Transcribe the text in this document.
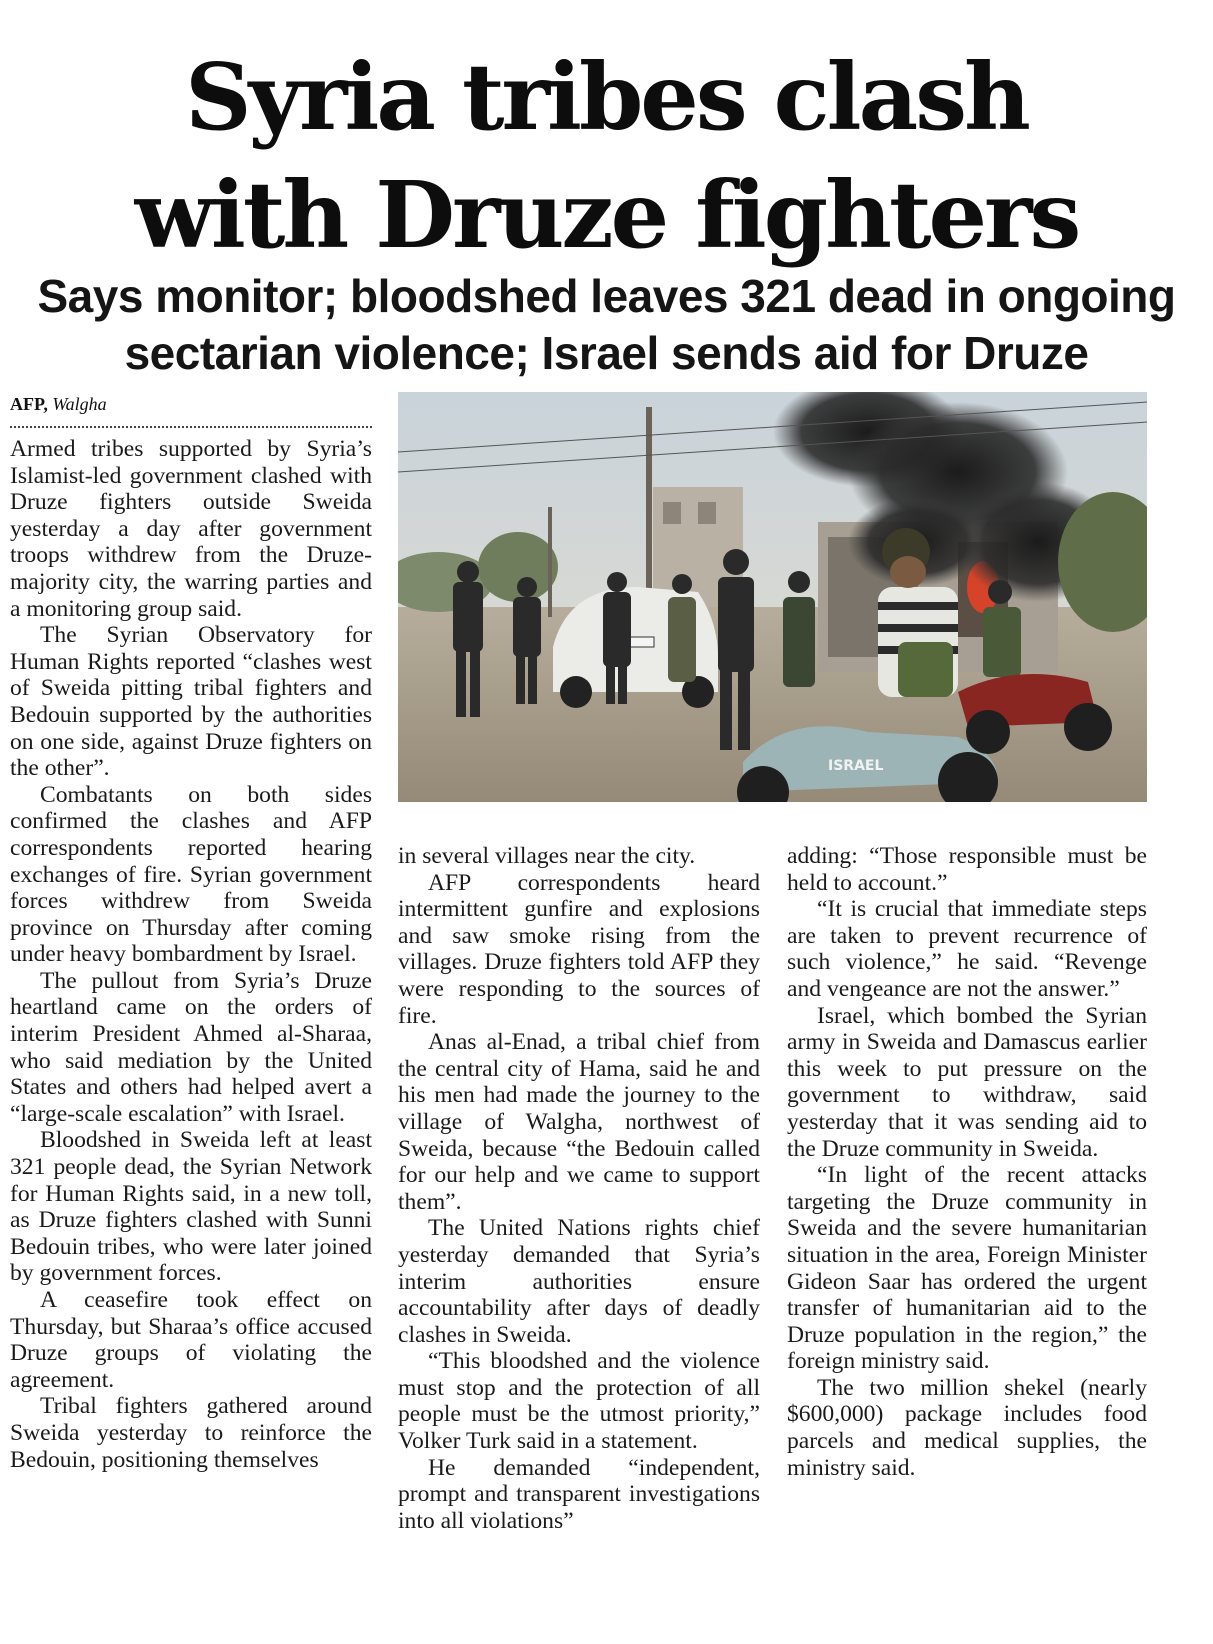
Syria tribes clash
with Druze fighters
Says monitor; bloodshed leaves 321 dead in ongoing
sectarian violence; Israel sends aid for Druze
AFP, Walgha
ISRAEL

Armed tribes supported by Syria’s Islamist-led government clashed with Druze fighters outside Sweida yesterday a day after government troops withdrew from the Druze-majority city, the warring parties and a monitoring group said.

The Syrian Observatory for Human Rights reported “clashes west of Sweida pitting tribal fighters and Bedouin supported by the authorities on one side, against Druze fighters on the other”.

Combatants on both sides confirmed the clashes and AFP correspondents reported hearing exchanges of fire. Syrian government forces withdrew from Sweida province on Thursday after coming under heavy bombardment by Israel.

The pullout from Syria’s Druze heartland came on the orders of interim President Ahmed al-Sharaa, who said mediation by the United States and others had helped avert a “large-scale escalation” with Israel.

Bloodshed in Sweida left at least 321 people dead, the Syrian Network for Human Rights said, in a new toll, as Druze fighters clashed with Sunni Bedouin tribes, who were later joined by government forces.

A ceasefire took effect on Thursday, but Sharaa’s office accused Druze groups of violating the agreement.

Tribal fighters gathered around Sweida yesterday to reinforce the Bedouin, positioning themselves

in several villages near the city.

AFP correspondents heard intermittent gunfire and explosions and saw smoke rising from the villages. Druze fighters told AFP they were responding to the sources of fire.

Anas al-Enad, a tribal chief from the central city of Hama, said he and his men had made the journey to the village of Walgha, northwest of Sweida, because “the Bedouin called for our help and we came to support them”.

The United Nations rights chief yesterday demanded that Syria’s interim authorities ensure accountability after days of deadly clashes in Sweida.

“This bloodshed and the violence must stop and the protection of all people must be the utmost priority,” Volker Turk said in a statement.

He demanded “independent, prompt and transparent investigations into all violations”

adding: “Those responsible must be held to account.”

“It is crucial that immediate steps are taken to prevent recurrence of such violence,” he said. “Revenge and vengeance are not the answer.”

Israel, which bombed the Syrian army in Sweida and Damascus earlier this week to put pressure on the government to withdraw, said yesterday that it was sending aid to the Druze community in Sweida.

“In light of the recent attacks targeting the Druze community in Sweida and the severe humanitarian situation in the area, Foreign Minister Gideon Saar has ordered the urgent transfer of humanitarian aid to the Druze population in the region,” the foreign ministry said.

The two million shekel (nearly $600,000) package includes food parcels and medical supplies, the ministry said.
